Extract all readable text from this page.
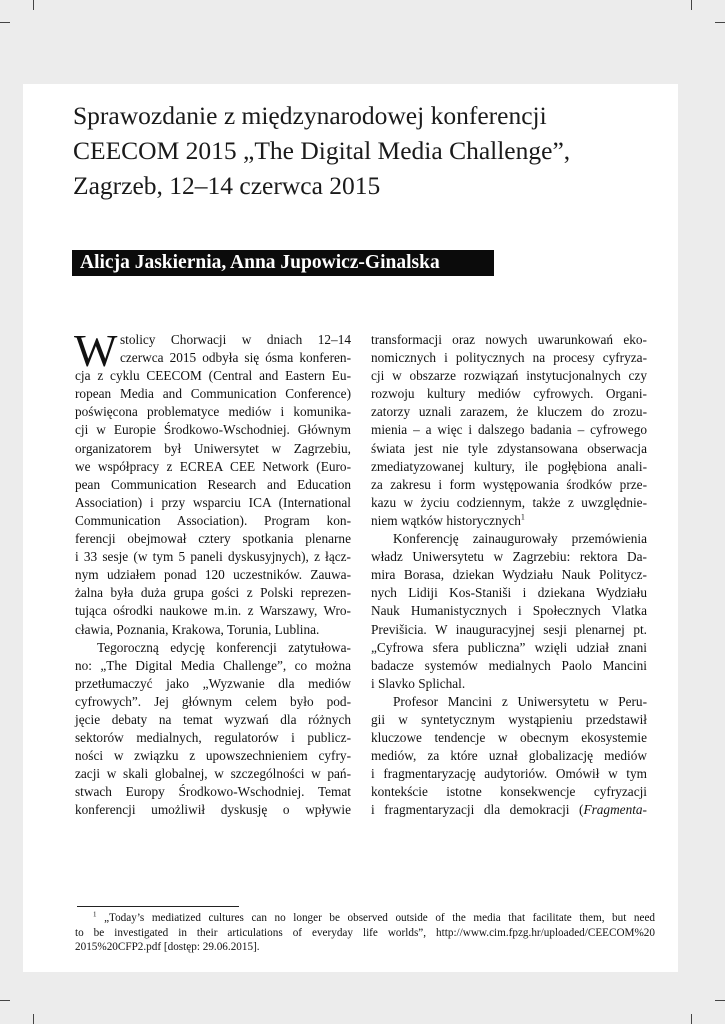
Sprawozdanie z międzynarodowej konferencji
CEECOM 2015 „The Digital Media Challenge”,
Zagrzeb, 12–14 czerwca 2015
Alicja Jaskiernia, Anna Jupowicz-Ginalska

W stolicy Chorwacji w dniach 12–14
czerwca 2015 odbyła się ósma konferen-
cja z cyklu CEECOM (Central and Eastern Eu-
ropean Media and Communication Conference)
poświęcona problematyce mediów i komunika-
cji w Europie Środkowo-Wschodniej. Głównym
organizatorem był Uniwersytet w Zagrzebiu,
we współpracy z ECREA CEE Network (Euro-
pean Communication Research and Education
Association) i przy wsparciu ICA (International
Communication Association). Program kon-
ferencji obejmował cztery spotkania plenarne
i 33 sesje (w tym 5 paneli dyskusyjnych), z łącz-
nym udziałem ponad 120 uczestników. Zauwa-
żalna była duża grupa gości z Polski reprezen-
tująca ośrodki naukowe m.in. z Warszawy, Wro-
cławia, Poznania, Krakowa, Torunia, Lublina.

Tegoroczną edycję konferencji zatytułowa-
no: „The Digital Media Challenge”, co można
przetłumaczyć jako „Wyzwanie dla mediów
cyfrowych”. Jej głównym celem było pod-
jęcie debaty na temat wyzwań dla różnych
sektorów medialnych, regulatorów i publicz-
ności w związku z upowszechnieniem cyfry-
zacji w skali globalnej, w szczególności w pań-
stwach Europy Środkowo-Wschodniej. Temat
konferencji umożliwił dyskusję o wpływie

transformacji oraz nowych uwarunkowań eko-
nomicznych i politycznych na procesy cyfryza-
cji w obszarze rozwiązań instytucjonalnych czy
rozwoju kultury mediów cyfrowych. Organi-
zatorzy uznali zarazem, że kluczem do zrozu-
mienia – a więc i dalszego badania – cyfrowego
świata jest nie tyle zdystansowana obserwacja
zmediatyzowanej kultury, ile pogłębiona anali-
za zakresu i form występowania środków prze-
kazu w życiu codziennym, także z uwzględnie-
niem wątków historycznych$^1$

Konferencję zainaugurowały przemówienia
władz Uniwersytetu w Zagrzebiu: rektora Da-
mira Borasa, dziekan Wydziału Nauk Politycz-
nych Lidiji Kos-Staniši i dziekana Wydziału
Nauk Humanistycznych i Społecznych Vlatka
Previšicia. W inauguracyjnej sesji plenarnej pt.
„Cyfrowa sfera publiczna” wzięli udział znani
badacze systemów medialnych Paolo Mancini
i Slavko Splichal.

Profesor Mancini z Uniwersytetu w Peru-
gii w syntetycznym wystąpieniu przedstawił
kluczowe tendencje w obecnym ekosystemie
mediów, za które uznał globalizację mediów
i fragmentaryzację audytoriów. Omówił w tym
kontekście istotne konsekwencje cyfryzacji
i fragmentaryzacji dla demokracji (Fragmenta-

$^1$ „Today’s mediatized cultures can no longer be observed outside of the media that facilitate them, but need
to be investigated in their articulations of everyday life worlds”, http://www.cim.fpzg.hr/uploaded/CEECOM%20
2015%20CFP2.pdf [dostęp: 29.06.2015].
